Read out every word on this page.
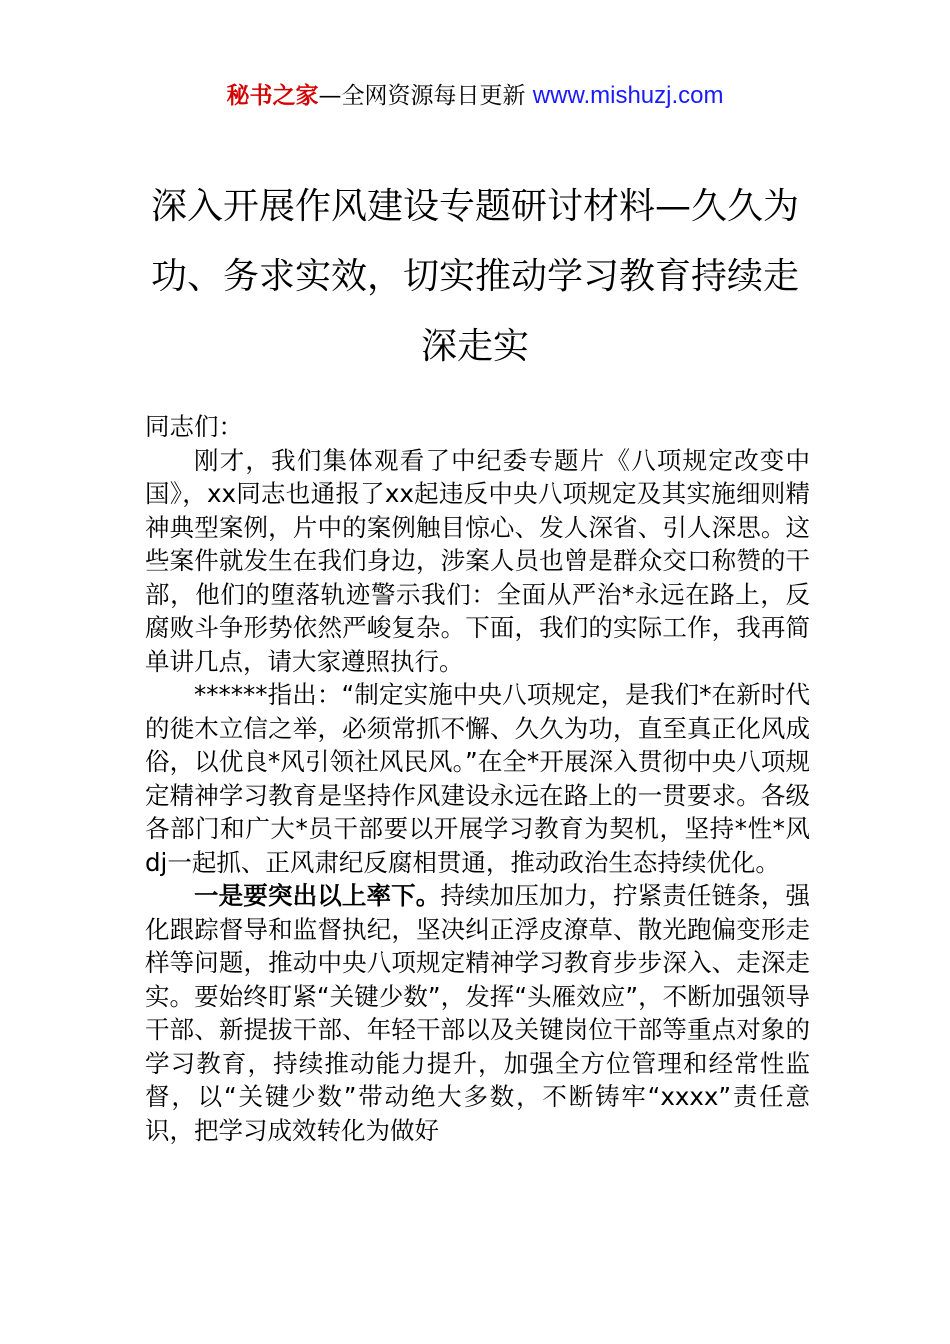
秘书之家—全网资源每日更新 www.mishuzj.com
深入开展作风建设专题研讨材料—久久为功、务求实效，切实推动学习教育持续走深走实

同志们：

刚才，我们集体观看了中纪委专题片《八项规定改变中国》，xx同志也通报了xx起违反中央八项规定及其实施细则精神典型案例，片中的案例触目惊心、发人深省、引人深思。这些案件就发生在我们身边，涉案人员也曾是群众交口称赞的干部，他们的堕落轨迹警示我们：全面从严治*永远在路上，反腐败斗争形势依然严峻复杂。下面，我们的实际工作，我再简单讲几点，请大家遵照执行。

******指出：“制定实施中央八项规定，是我们*在新时代的徙木立信之举，必须常抓不懈、久久为功，直至真正化风成俗，以优良*风引领社风民风。”在全*开展深入贯彻中央八项规定精神学习教育是坚持作风建设永远在路上的一贯要求。各级各部门和广大*员干部要以开展学习教育为契机，坚持*性*风dj一起抓、正风肃纪反腐相贯通，推动政治生态持续优化。

一是要突出以上率下。持续加压加力，拧紧责任链条，强化跟踪督导和监督执纪，坚决纠正浮皮潦草、散光跑偏变形走样等问题，推动中央八项规定精神学习教育步步深入、走深走实。要始终盯紧“关键少数”，发挥“头雁效应”，不断加强领导干部、新提拔干部、年轻干部以及关键岗位干部等重点对象的学习教育，持续推动能力提升，加强全方位管理和经常性监督，以“关键少数”带动绝大多数，不断铸牢“xxxx”责任意识，把学习成效转化为做好
